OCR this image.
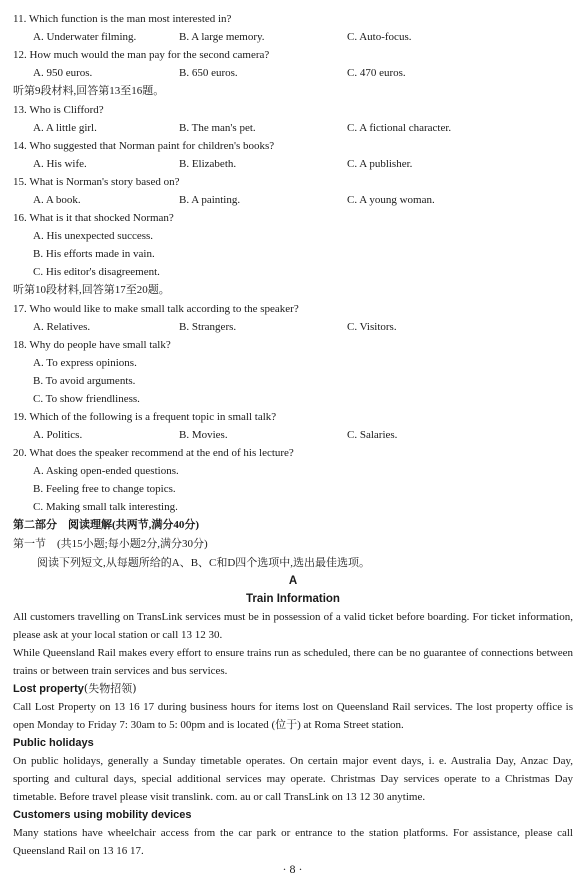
11. Which function is the man most interested in?
A. Underwater filming.	B. A large memory.	C. Auto-focus.
12. How much would the man pay for the second camera?
A. 950 euros.	B. 650 euros.	C. 470 euros.
听第9段材料,回答第13至16题。
13. Who is Clifford?
A. A little girl.	B. The man's pet.	C. A fictional character.
14. Who suggested that Norman paint for children's books?
A. His wife.	B. Elizabeth.	C. A publisher.
15. What is Norman's story based on?
A. A book.	B. A painting.	C. A young woman.
16. What is it that shocked Norman?
A. His unexpected success.
B. His efforts made in vain.
C. His editor's disagreement.
听第10段材料,回答第17至20题。
17. Who would like to make small talk according to the speaker?
A. Relatives.	B. Strangers.	C. Visitors.
18. Why do people have small talk?
A. To express opinions.
B. To avoid arguments.
C. To show friendliness.
19. Which of the following is a frequent topic in small talk?
A. Politics.	B. Movies.	C. Salaries.
20. What does the speaker recommend at the end of his lecture?
A. Asking open-ended questions.
B. Feeling free to change topics.
C. Making small talk interesting.
第二部分　阅读理解(共两节,满分40分)
第一节　(共15小题;每小题2分,满分30分)
阅读下列短文,从每题所给的A、B、C和D四个选项中,选出最佳选项。
A
Train Information
All customers travelling on TransLink services must be in possession of a valid ticket before boarding. For ticket information, please ask at your local station or call 13 12 30.
While Queensland Rail makes every effort to ensure trains run as scheduled, there can be no guarantee of connections between trains or between train services and bus services.
Lost property(失物招领)
Call Lost Property on 13 16 17 during business hours for items lost on Queensland Rail services. The lost property office is open Monday to Friday 7: 30am to 5: 00pm and is located (位于) at Roma Street station.
Public holidays
On public holidays, generally a Sunday timetable operates. On certain major event days, i. e. Australia Day, Anzac Day, sporting and cultural days, special additional services may operate. Christmas Day services operate to a Christmas Day timetable. Before travel please visit translink. com. au or call TransLink on 13 12 30 anytime.
Customers using mobility devices
Many stations have wheelchair access from the car park or entrance to the station platforms. For assistance, please call Queensland Rail on 13 16 17.
· 8 ·
